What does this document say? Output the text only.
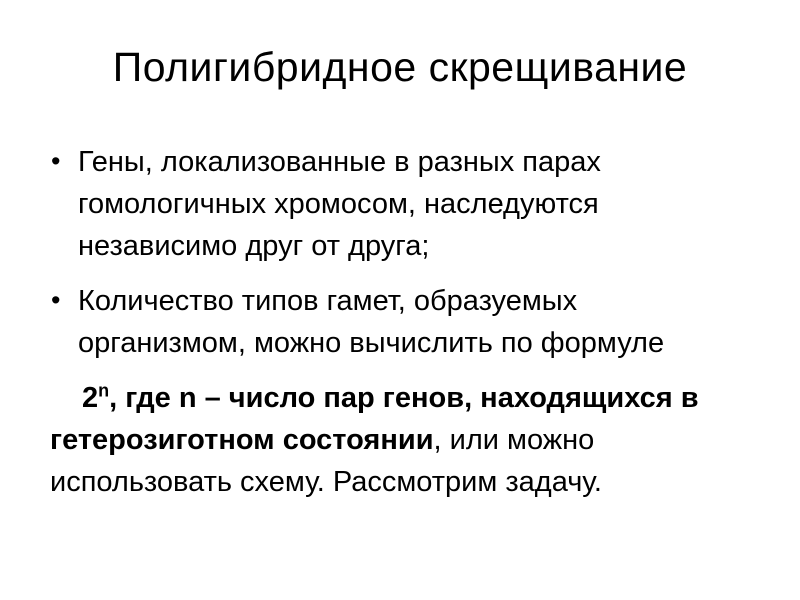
Полигибридное скрещивание
• Гены, локализованные в разных парах
гомологичных хромосом, наследуются
независимо друг от друга;
• Количество типов гамет, образуемых
организмом, можно вычислить по формуле
2$^n$, где n – число пар генов, находящихся в
гетерозиготном состоянии, или можно
использовать схему. Рассмотрим задачу.
